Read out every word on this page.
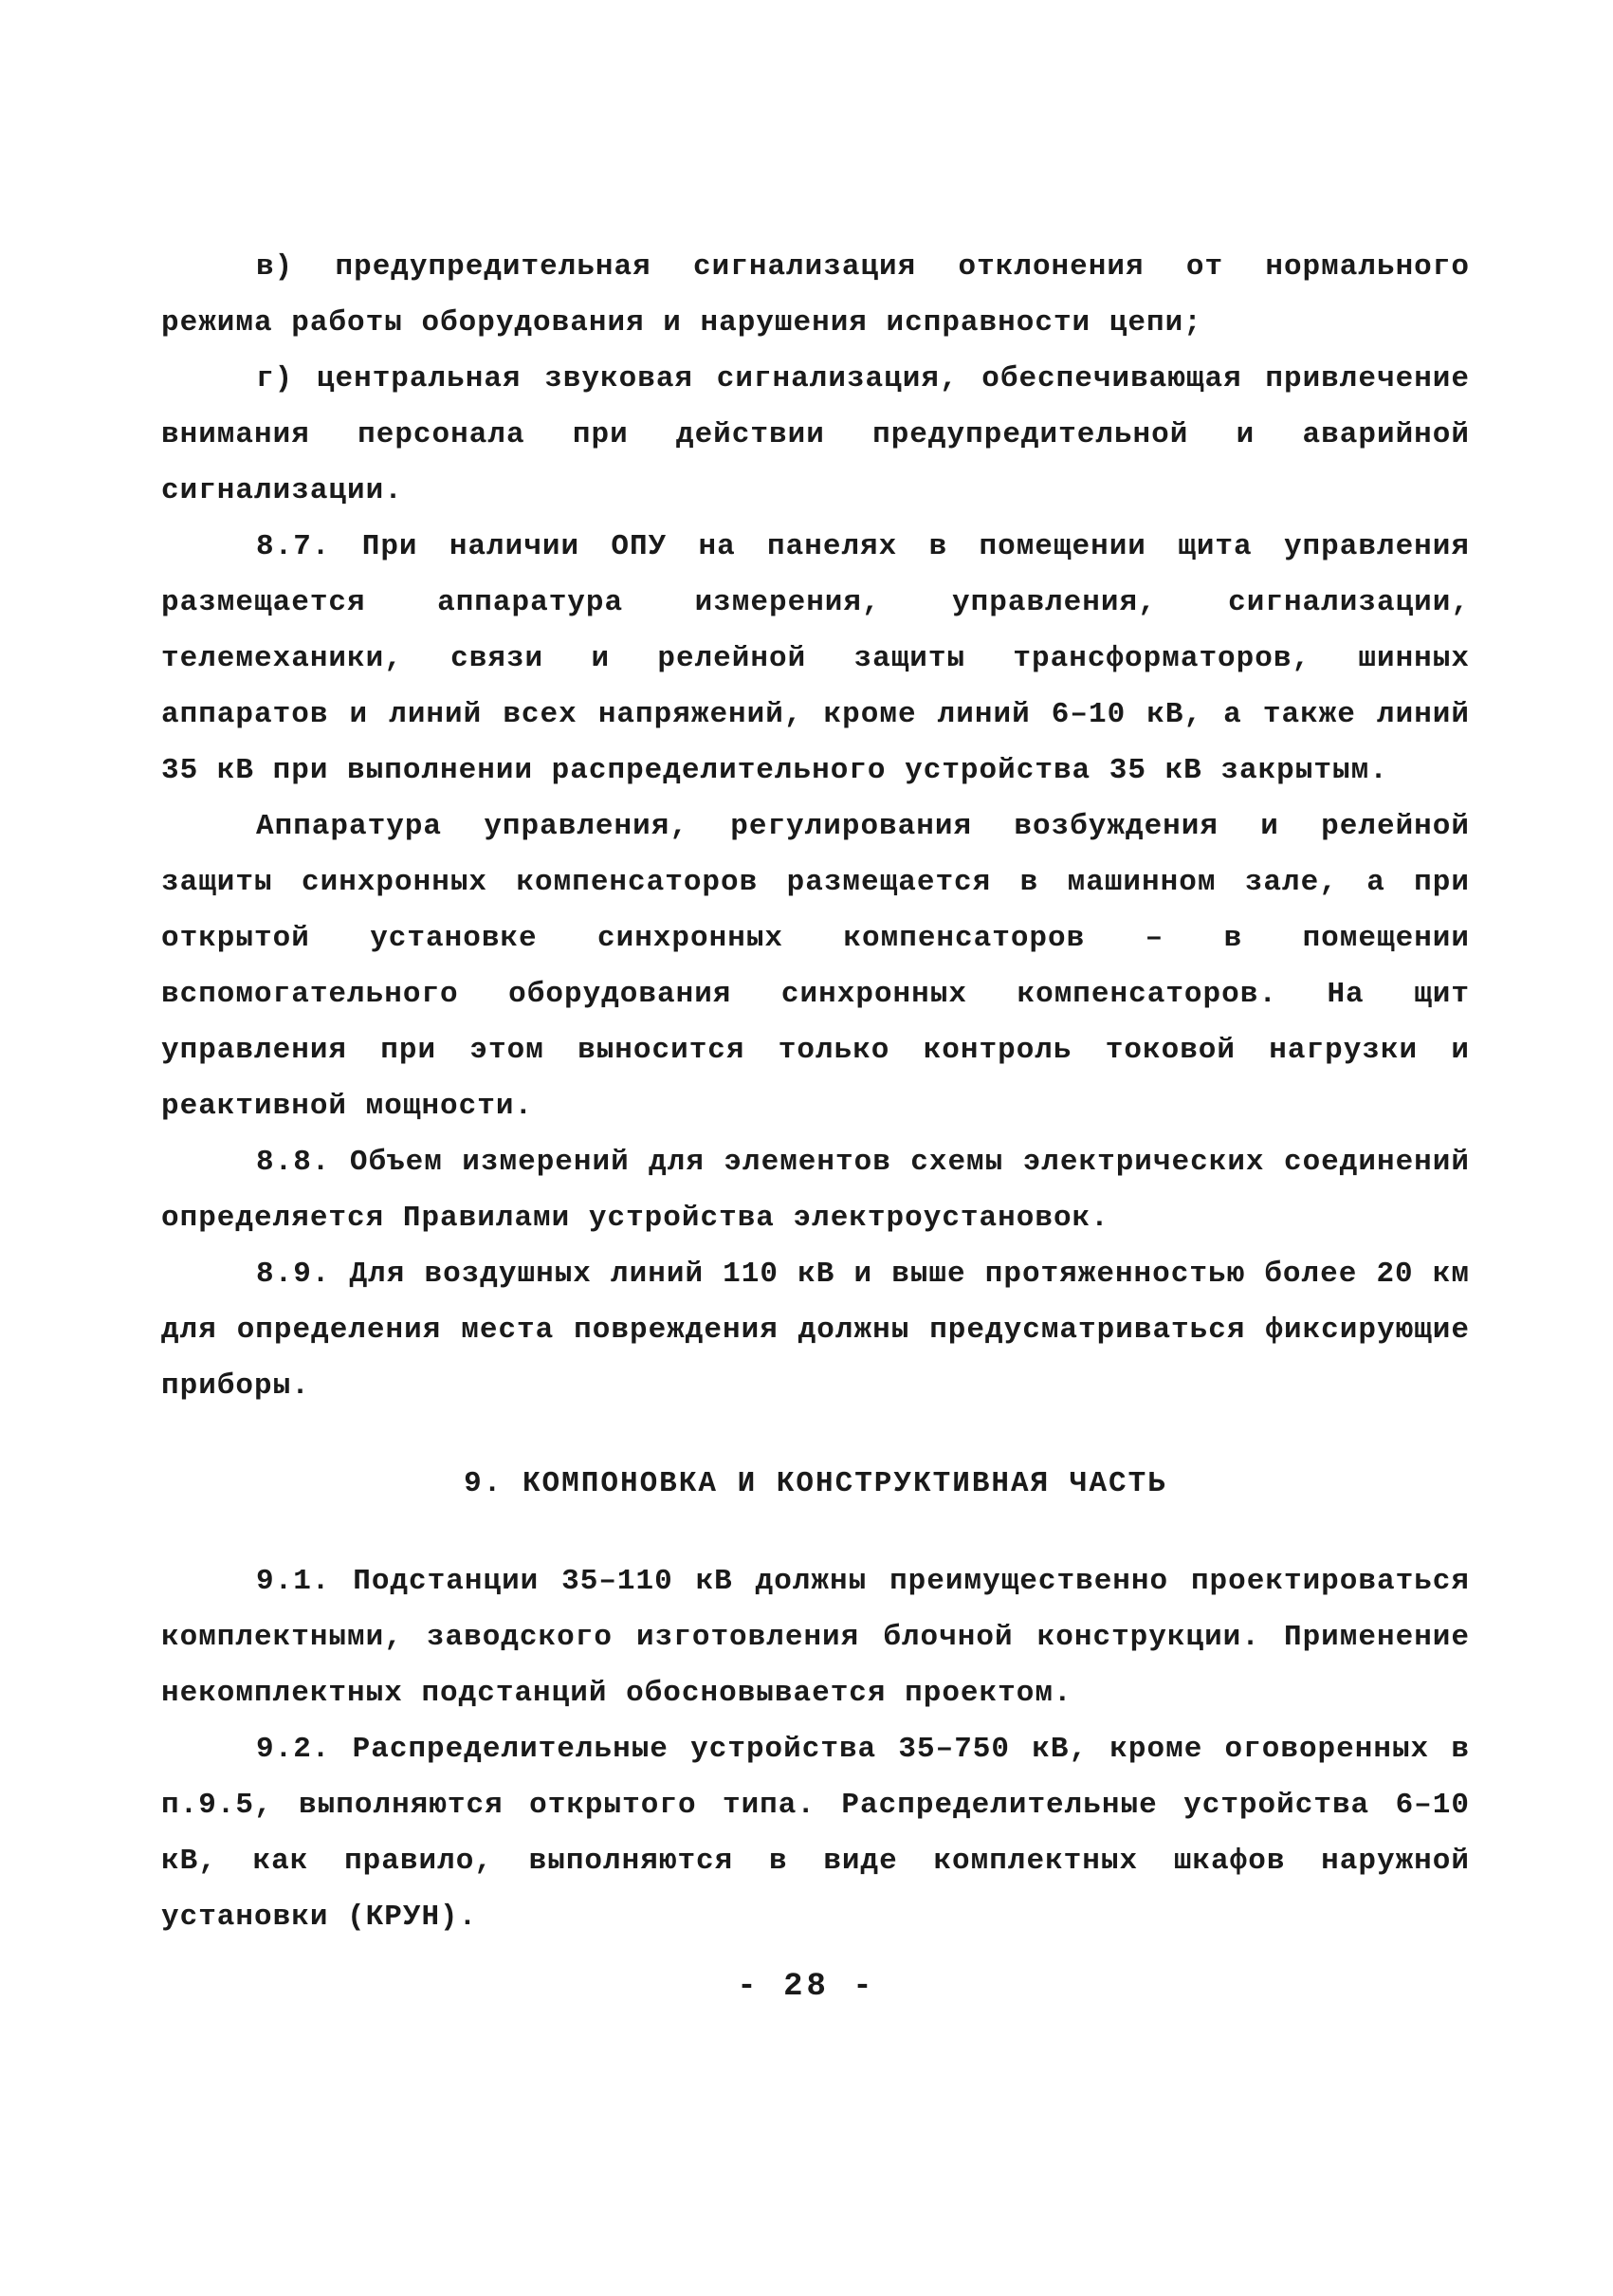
в) предупредительная сигнализация отклонения от нормального режима работы оборудования и нарушения исправности цепи;

г) центральная звуковая сигнализация, обеспечивающая привлечение внимания персонала при действии предупредительной и аварийной сигнализации.

8.7. При наличии ОПУ на панелях в помещении щита управления размещается аппаратура измерения, управления, сигнализации, телемеханики, связи и релейной защиты трансформаторов, шинных аппаратов и линий всех напряжений, кроме линий 6–10 кВ, а также линий 35 кВ при выполнении распределительного устройства 35 кВ закрытым.

Аппаратура управления, регулирования возбуждения и релейной защиты синхронных компенсаторов размещается в машинном зале, а при открытой установке синхронных компенсаторов – в помещении вспомогательного оборудования синхронных компенсаторов. На щит управления при этом выносится только контроль токовой нагрузки и реактивной мощности.

8.8. Объем измерений для элементов схемы электрических соединений определяется Правилами устройства электроустановок.

8.9. Для воздушных линий 110 кВ и выше протяженностью более 20 км для определения места повреждения должны предусматриваться фиксирующие приборы.

9. КОМПОНОВКА И КОНСТРУКТИВНАЯ ЧАСТЬ

9.1. Подстанции 35–110 кВ должны преимущественно проектироваться комплектными, заводского изготовления блочной конструкции. Применение некомплектных подстанций обосновывается проектом.

9.2. Распределительные устройства 35–750 кВ, кроме оговоренных в п.9.5, выполняются открытого типа. Распределительные устройства 6–10 кВ, как правило, выполняются в виде комплектных шкафов наружной установки (КРУН).

- 28 -
